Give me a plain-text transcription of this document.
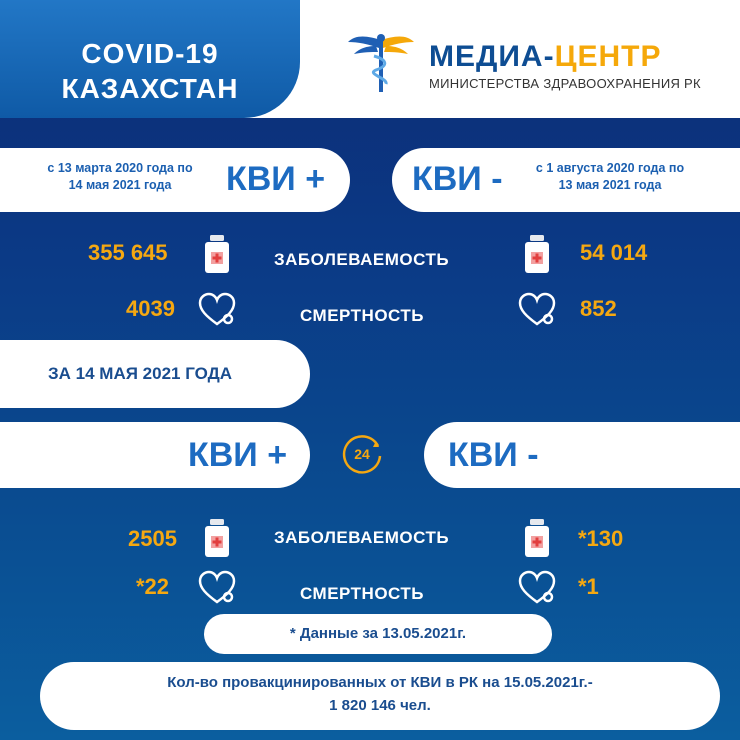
COVID-19
КАЗАХСТАН
МЕДИА-ЦЕНТР
МИНИСТЕРСТВА ЗДРАВООХРАНЕНИЯ РК
с 13 марта 2020 года по
14 мая 2021 года	КВИ +	КВИ -	с 1 августа 2020 года по
13 мая 2021 года
355 645	ЗАБОЛЕВАЕМОСТЬ	54 014
4039	СМЕРТНОСТЬ	852
ЗА 14 МАЯ 2021 ГОДА
КВИ +	24 КВИ -
2505	ЗАБОЛЕВАЕМОСТЬ	*130
*22	СМЕРТНОСТЬ	*1
* Данные за 13.05.2021г.
Кол-во провакцинированных от КВИ в РК на 15.05.2021г.-
1 820 146 чел.
